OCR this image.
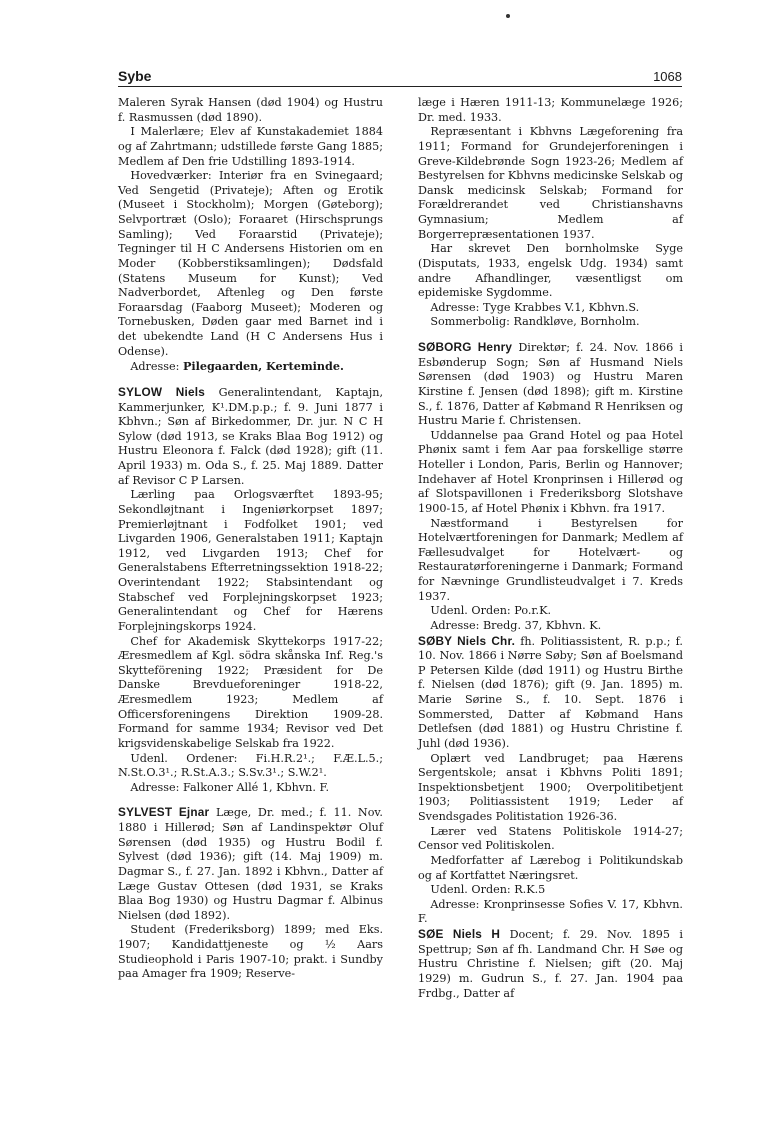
Sybe	1068

Maleren Syrak Hansen (død 1904) og Hustru f. Rasmussen (død 1890).

I Malerlære; Elev af Kunstakademiet 1884 og af Zahrtmann; udstillede første Gang 1885; Medlem af Den frie Udstilling 1893-1914.

Hovedværker: Interiør fra en Svinegaard; Ved Sengetid (Privateje); Aften og Erotik (Museet i Stockholm); Morgen (Gøteborg); Selvportræt (Oslo); Foraaret (Hirschsprungs Samling); Ved Foraarstid (Privateje); Tegninger til H C Andersens Historien om en Moder (Kobberstiksamlingen); Dødsfald (Statens Museum for Kunst); Ved Nadverbordet, Aftenleg og Den første Foraarsdag (Faaborg Museet); Moderen og Tornebusken, Døden gaar med Barnet ind i det ubekendte Land (H C Andersens Hus i Odense).

Adresse: Pilegaarden, Kerteminde.

SYLOW Niels Generalintendant, Kaptajn, Kammerjunker, K¹.DM.p.p.; f. 9. Juni 1877 i Kbhvn.; Søn af Birkedommer, Dr. jur. N C H Sylow (død 1913, se Kraks Blaa Bog 1912) og Hustru Eleonora f. Falck (død 1928); gift (11. April 1933) m. Oda S., f. 25. Maj 1889. Datter af Revisor C P Larsen.

Lærling paa Orlogsværftet 1893-95; Sekondløjtnant i Ingeniørkorpset 1897; Premierløjtnant i Fodfolket 1901; ved Livgarden 1906, Generalstaben 1911; Kaptajn 1912, ved Livgarden 1913; Chef for Generalstabens Efterretningssektion 1918-22; Overintendant 1922; Stabsintendant og Stabschef ved Forplejningskorpset 1923; Generalintendant og Chef for Hærens Forplejningskorps 1924.

Chef for Akademisk Skyttekorps 1917-22; Æresmedlem af Kgl. södra skånska Inf. Reg.'s Skytteförening 1922; Præsident for De Danske Brevdueforeninger 1918-22, Æresmedlem 1923; Medlem af Officersforeningens Direktion 1909-28. Formand for samme 1934; Revisor ved Det krigsvidenskabelige Selskab fra 1922.

Udenl. Ordener: Fi.H.R.2¹.; F.Æ.L.5.; N.St.O.3¹.; R.St.A.3.; S.Sv.3¹.; S.W.2¹.

Adresse: Falkoner Allé 1, Kbhvn. F.

SYLVEST Ejnar Læge, Dr. med.; f. 11. Nov. 1880 i Hillerød; Søn af Landinspektør Oluf Sørensen (død 1935) og Hustru Bodil f. Sylvest (død 1936); gift (14. Maj 1909) m. Dagmar S., f. 27. Jan. 1892 i Kbhvn., Datter af Læge Gustav Ottesen (død 1931, se Kraks Blaa Bog 1930) og Hustru Dagmar f. Albinus Nielsen (død 1892).

Student (Frederiksborg) 1899; med Eks. 1907; Kandidattjeneste og ½ Aars Studieophold i Paris 1907-10; prakt. i Sundby paa Amager fra 1909; Reserve-

læge i Hæren 1911-13; Kommunelæge 1926; Dr. med. 1933.

Repræsentant i Kbhvns Lægeforening fra 1911; Formand for Grundejerforeningen i Greve-Kildebrønde Sogn 1923-26; Medlem af Bestyrelsen for Kbhvns medicinske Selskab og Dansk medicinsk Selskab; Formand for Forældrerandet ved Christianshavns Gymnasium; Medlem af Borgerrepræsentationen 1937.

Har skrevet Den bornholmske Syge (Disputats, 1933, engelsk Udg. 1934) samt andre Afhandlinger, væsentligst om epidemiske Sygdomme.

Adresse: Tyge Krabbes V.1, Kbhvn.S.

Sommerbolig: Randkløve, Bornholm.

SØBORG Henry Direktør; f. 24. Nov. 1866 i Esbønderup Sogn; Søn af Husmand Niels Sørensen (død 1903) og Hustru Maren Kirstine f. Jensen (død 1898); gift m. Kirstine S., f. 1876, Datter af Købmand R Henriksen og Hustru Marie f. Christensen.

Uddannelse paa Grand Hotel og paa Hotel Phønix samt i fem Aar paa forskellige større Hoteller i London, Paris, Berlin og Hannover; Indehaver af Hotel Kronprinsen i Hillerød og af Slotspavillonen i Frederiksborg Slotshave 1900-15, af Hotel Phønix i Kbhvn. fra 1917.

Næstformand i Bestyrelsen for Hotelværtforeningen for Danmark; Medlem af Fællesudvalget for Hotelvært- og Restauratørforeningerne i Danmark; Formand for Nævninge Grundlisteudvalget i 7. Kreds 1937.

Udenl. Orden: Po.r.K.

Adresse: Bredg. 37, Kbhvn. K.

SØBY Niels Chr. fh. Politiassistent, R. p.p.; f. 10. Nov. 1866 i Nørre Søby; Søn af Boelsmand P Petersen Kilde (død 1911) og Hustru Birthe f. Nielsen (død 1876); gift (9. Jan. 1895) m. Marie Sørine S., f. 10. Sept. 1876 i Sommersted, Datter af Købmand Hans Detlefsen (død 1881) og Hustru Christine f. Juhl (død 1936).

Oplært ved Landbruget; paa Hærens Sergentskole; ansat i Kbhvns Politi 1891; Inspektionsbetjent 1900; Overpolitibetjent 1903; Politiassistent 1919; Leder af Svendsgades Politistation 1926-36.

Lærer ved Statens Politiskole 1914-27; Censor ved Politiskolen.

Medforfatter af Lærebog i Politikundskab og af Kortfattet Næringsret.

Udenl. Orden: R.K.5

Adresse: Kronprinsesse Sofies V. 17, Kbhvn. F.

SØE Niels H Docent; f. 29. Nov. 1895 i Spettrup; Søn af fh. Landmand Chr. H Søe og Hustru Christine f. Nielsen; gift (20. Maj 1929) m. Gudrun S., f. 27. Jan. 1904 paa Frdbg., Datter af
